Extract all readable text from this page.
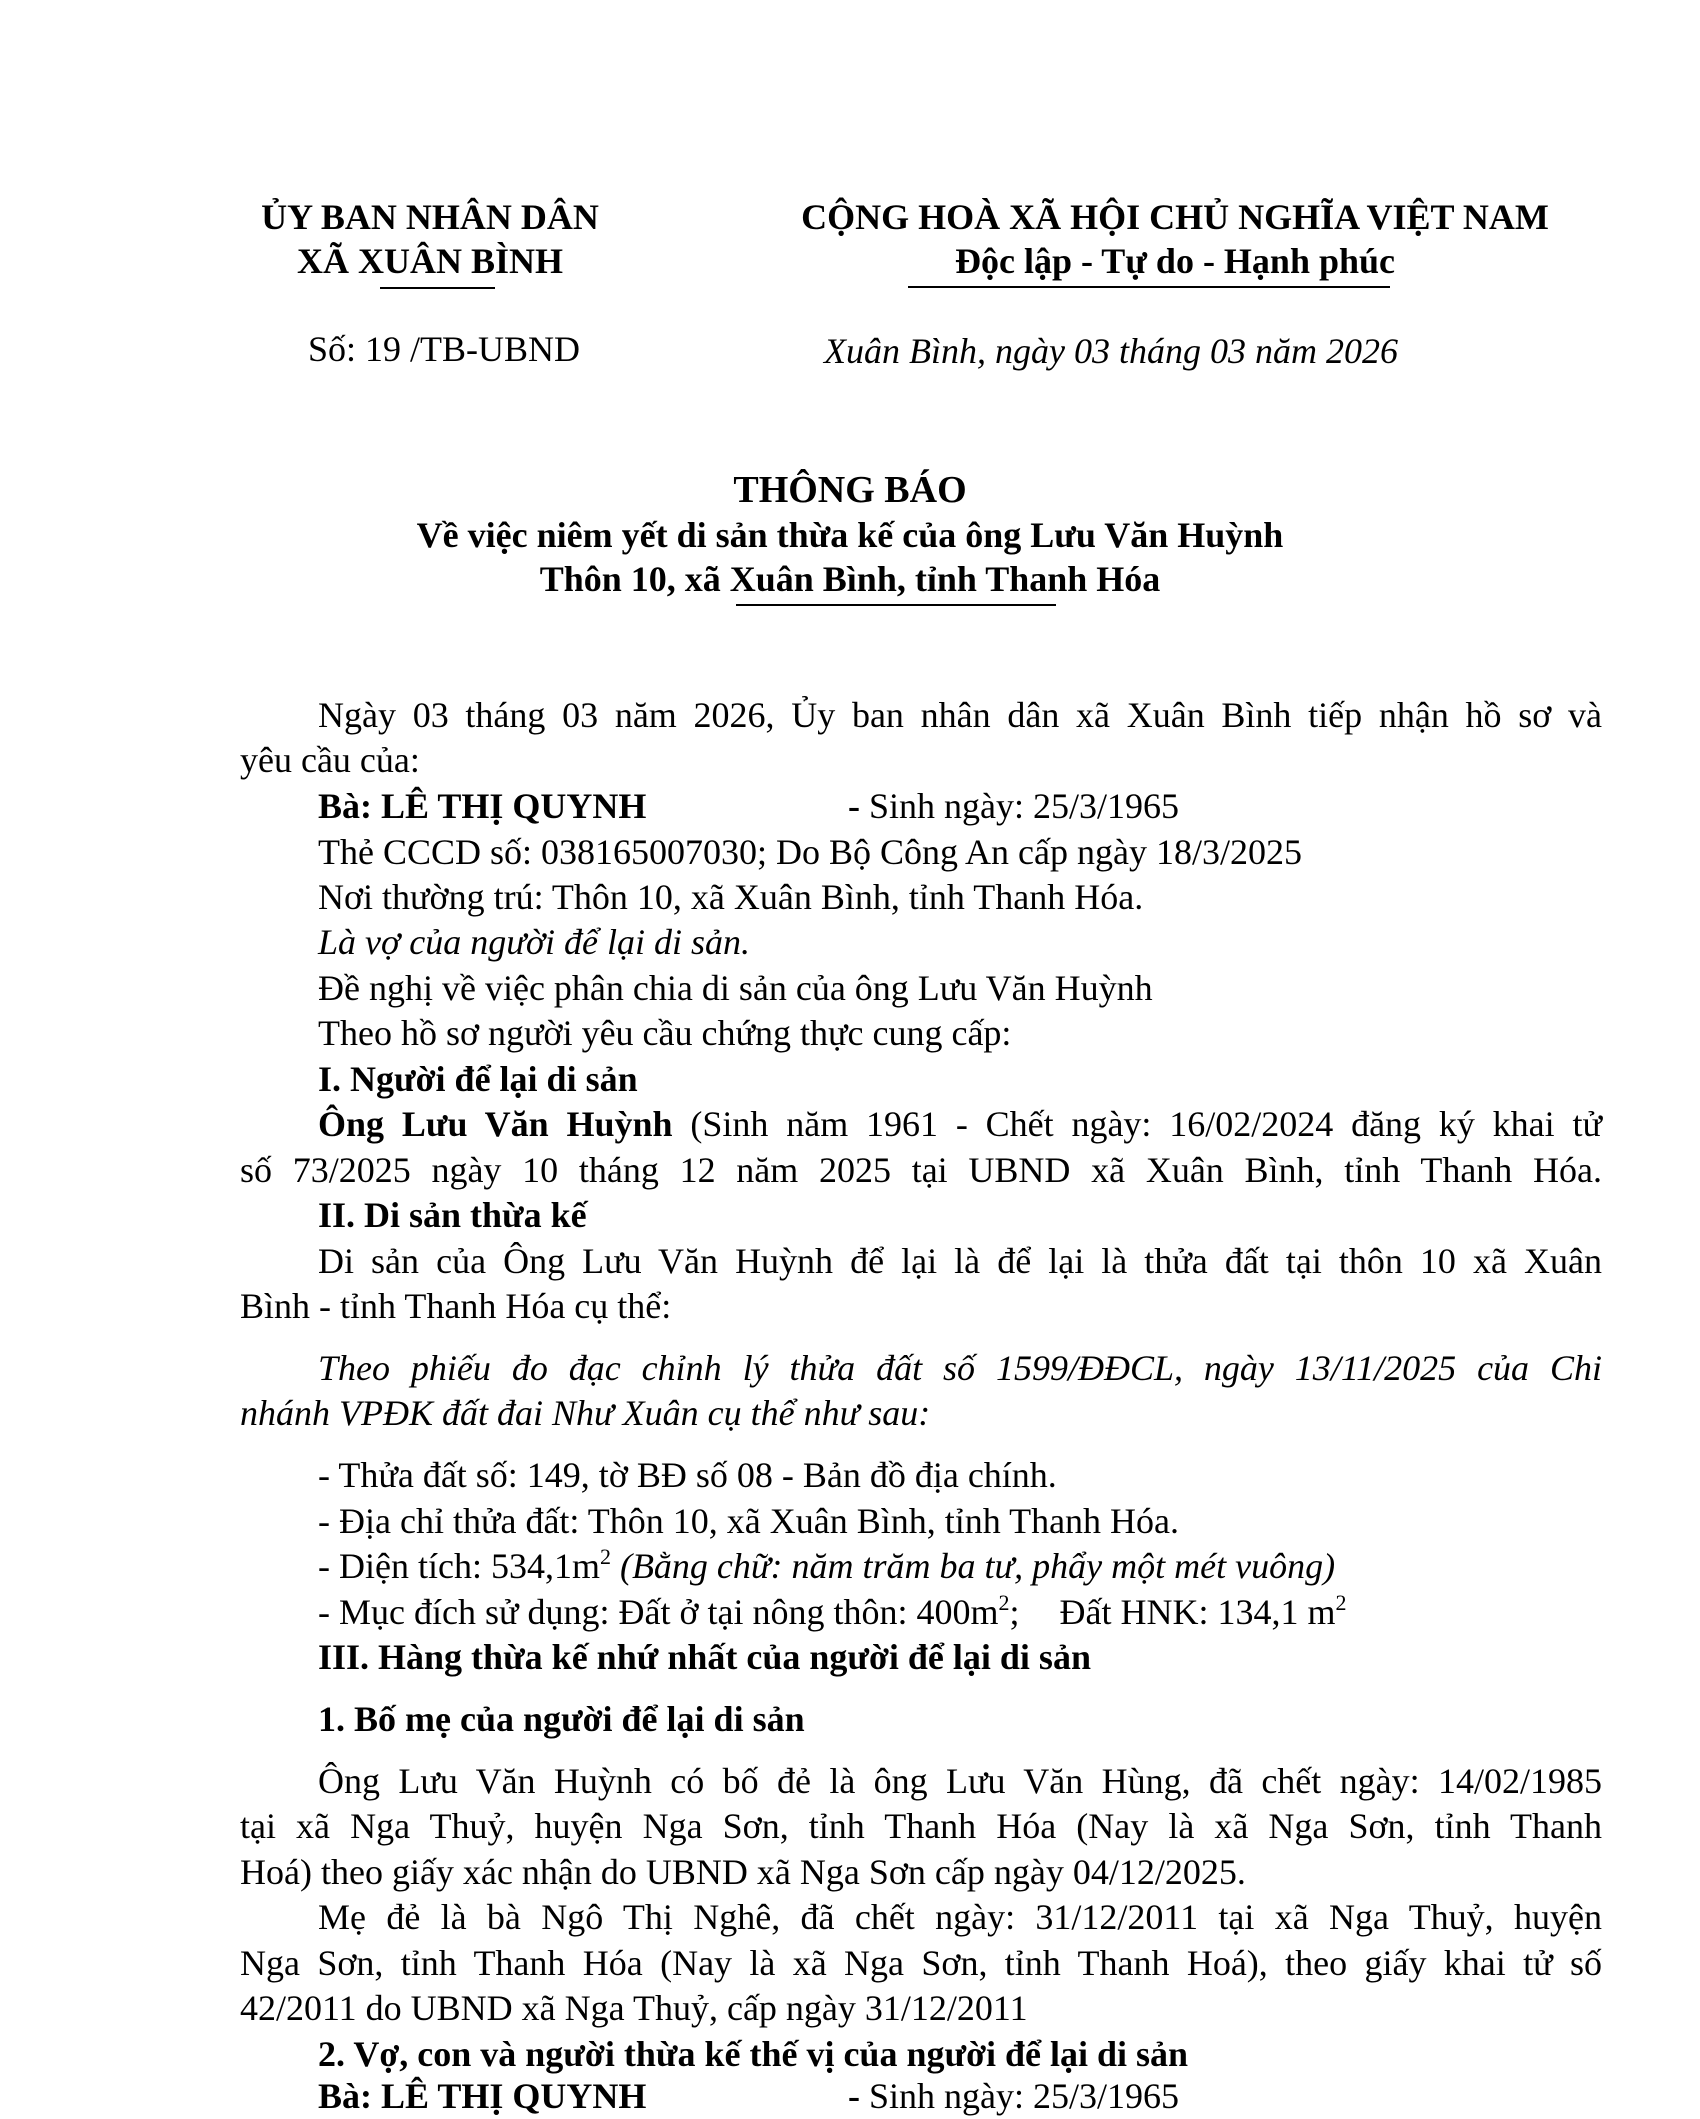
ỦY BAN NHÂN DÂN
XÃ XUÂN BÌNH
CỘNG HOÀ XÃ HỘI CHỦ NGHĨA VIỆT NAM
Độc lập - Tự do - Hạnh phúc
Số: 19 /TB-UBND	Xuân Bình, ngày 03 tháng 03 năm 2026
THÔNG BÁO
Về việc niêm yết di sản thừa kế của ông Lưu Văn Huỳnh
Thôn 10, xã Xuân Bình, tỉnh Thanh Hóa
Ngày 03 tháng 03 năm 2026, Ủy ban nhân dân xã Xuân Bình tiếp nhận hồ sơ và
yêu cầu của:
Bà: LÊ THỊ QUYNH	- Sinh ngày: 25/3/1965
Thẻ CCCD số: 038165007030; Do Bộ Công An cấp ngày 18/3/2025
Nơi thường trú: Thôn 10, xã Xuân Bình, tỉnh Thanh Hóa.
Là vợ của người để lại di sản.
Đề nghị về việc phân chia di sản của ông Lưu Văn Huỳnh
Theo hồ sơ người yêu cầu chứng thực cung cấp:
I. Người để lại di sản
Ông Lưu Văn Huỳnh (Sinh năm 1961 - Chết ngày: 16/02/2024 đăng ký khai tử
số 73/2025 ngày 10 tháng 12 năm 2025 tại UBND xã Xuân Bình, tỉnh Thanh Hóa.
II. Di sản thừa kế
Di sản của Ông Lưu Văn Huỳnh để lại là để lại là thửa đất tại thôn 10 xã Xuân
Bình - tỉnh Thanh Hóa cụ thể:
Theo phiếu đo đạc chỉnh lý thửa đất số 1599/ĐĐCL, ngày 13/11/2025 của Chi
nhánh VPĐK đất đai Như Xuân cụ thể như sau:
- Thửa đất số: 149, tờ BĐ số 08 - Bản đồ địa chính.
- Địa chỉ thửa đất: Thôn 10, xã Xuân Bình, tỉnh Thanh Hóa.
- Diện tích: $534,1m^2$ (Bằng chữ: năm trăm ba tư, phẩy một mét vuông)
- Mục đích sử dụng: Đất ở tại nông thôn: $400m^2$; Đất HNK: 134,1 $m^2$
III. Hàng thừa kế nhứ nhất của người để lại di sản
1. Bố mẹ của người để lại di sản
Ông Lưu Văn Huỳnh có bố đẻ là ông Lưu Văn Hùng, đã chết ngày: 14/02/1985
tại xã Nga Thuỷ, huyện Nga Sơn, tỉnh Thanh Hóa (Nay là xã Nga Sơn, tỉnh Thanh
Hoá) theo giấy xác nhận do UBND xã Nga Sơn cấp ngày 04/12/2025.
Mẹ đẻ là bà Ngô Thị Nghê, đã chết ngày: 31/12/2011 tại xã Nga Thuỷ, huyện
Nga Sơn, tỉnh Thanh Hóa (Nay là xã Nga Sơn, tỉnh Thanh Hoá), theo giấy khai tử số
42/2011 do UBND xã Nga Thuỷ, cấp ngày 31/12/2011
2. Vợ, con và người thừa kế thế vị của người để lại di sản
Bà: LÊ THỊ QUYNH	- Sinh ngày: 25/3/1965
